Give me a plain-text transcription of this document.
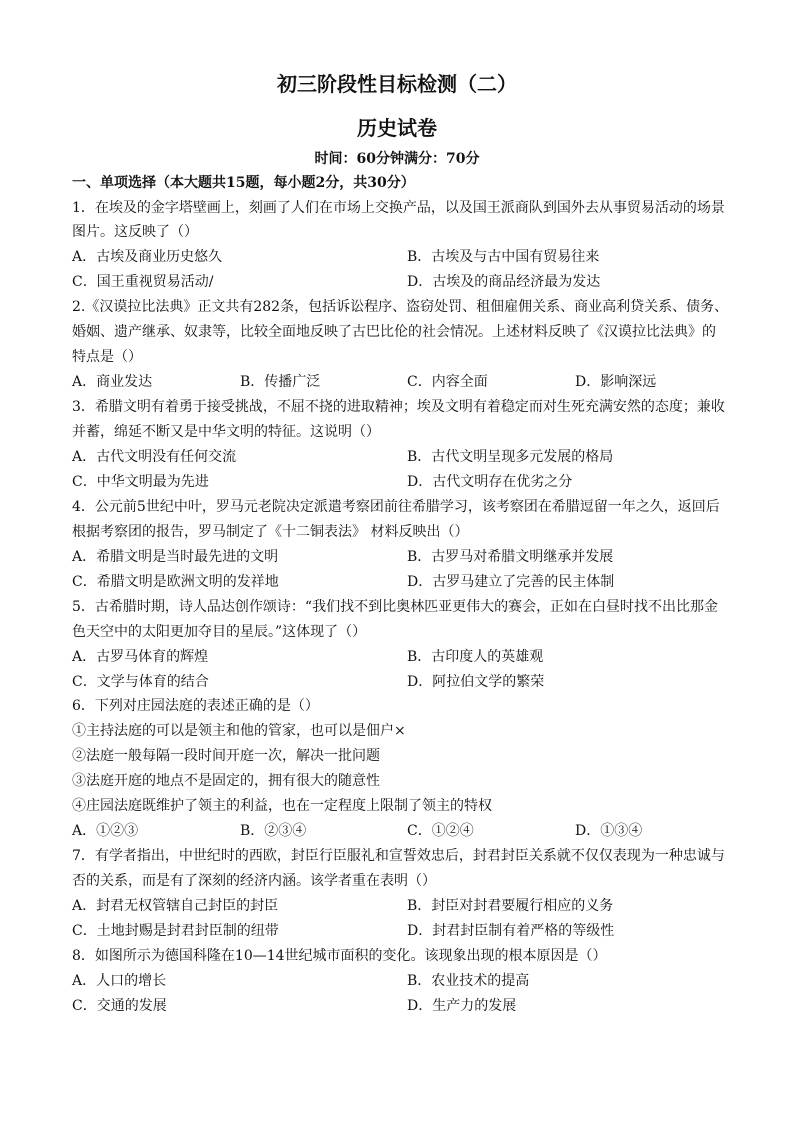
初三阶段性目标检测（二）
历史试卷
时间：60分钟满分：70分
一、单项选择（本大题共15题，每小题2分，共30分）
1．在埃及的金字塔壁画上，刻画了人们在市场上交换产品，以及国王派商队到国外去从事贸易活动的场景
图片。这反映了（）
A．古埃及商业历史悠久	B．古埃及与古中国有贸易往来
C．国王重视贸易活动/	D．古埃及的商品经济最为发达
2.《汉谟拉比法典》正文共有282条，包括诉讼程序、盗窃处罚、租佃雇佣关系、商业高利贷关系、债务、
婚姻、遗产继承、奴隶等，比较全面地反映了古巴比伦的社会情况。上述材料反映了《汉谟拉比法典》的
特点是（）
A．商业发达	B．传播广泛	C．内容全面	D．影响深远
3．希腊文明有着勇于接受挑战，不屈不挠的进取精神；埃及文明有着稳定而对生死充满安然的态度；兼收
并蓄，绵延不断又是中华文明的特征。这说明（）
A．古代文明没有任何交流	B．古代文明呈现多元发展的格局
C．中华文明最为先进	D．古代文明存在优劣之分
4．公元前5世纪中叶，罗马元老院决定派遣考察团前往希腊学习，该考察团在希腊逗留一年之久，返回后
根据考察团的报告，罗马制定了《十二铜表法》 材料反映出（）
A．希腊文明是当时最先进的文明	B．古罗马对希腊文明继承并发展
C．希腊文明是欧洲文明的发祥地	D．古罗马建立了完善的民主体制
5．古希腊时期，诗人品达创作颂诗：“我们找不到比奥林匹亚更伟大的赛会，正如在白昼时找不出比那金
色天空中的太阳更加夺目的星辰。”这体现了（）
A．古罗马体育的辉煌	B．古印度人的英雄观
C．文学与体育的结合	D．阿拉伯文学的繁荣
6．下列对庄园法庭的表述正确的是（）
①主持法庭的可以是领主和他的管家，也可以是佃户×
②法庭一般每隔一段时间开庭一次，解决一批问题
③法庭开庭的地点不是固定的，拥有很大的随意性
④庄园法庭既维护了领主的利益，也在一定程度上限制了领主的特权
A．①②③	B．②③④	C．①②④	D．①③④
7．有学者指出，中世纪时的西欧，封臣行臣服礼和宣誓效忠后，封君封臣关系就不仅仅表现为一种忠诚与
否的关系，而是有了深刻的经济内涵。该学者重在表明（）
A．封君无权管辖自己封臣的封臣	B．封臣对封君要履行相应的义务
C．土地封赐是封君封臣制的纽带	D．封君封臣制有着严格的等级性
8．如图所示为德国科隆在10—14世纪城市面积的变化。该现象出现的根本原因是（）
A．人口的增长	B．农业技术的提高
C．交通的发展	D．生产力的发展
